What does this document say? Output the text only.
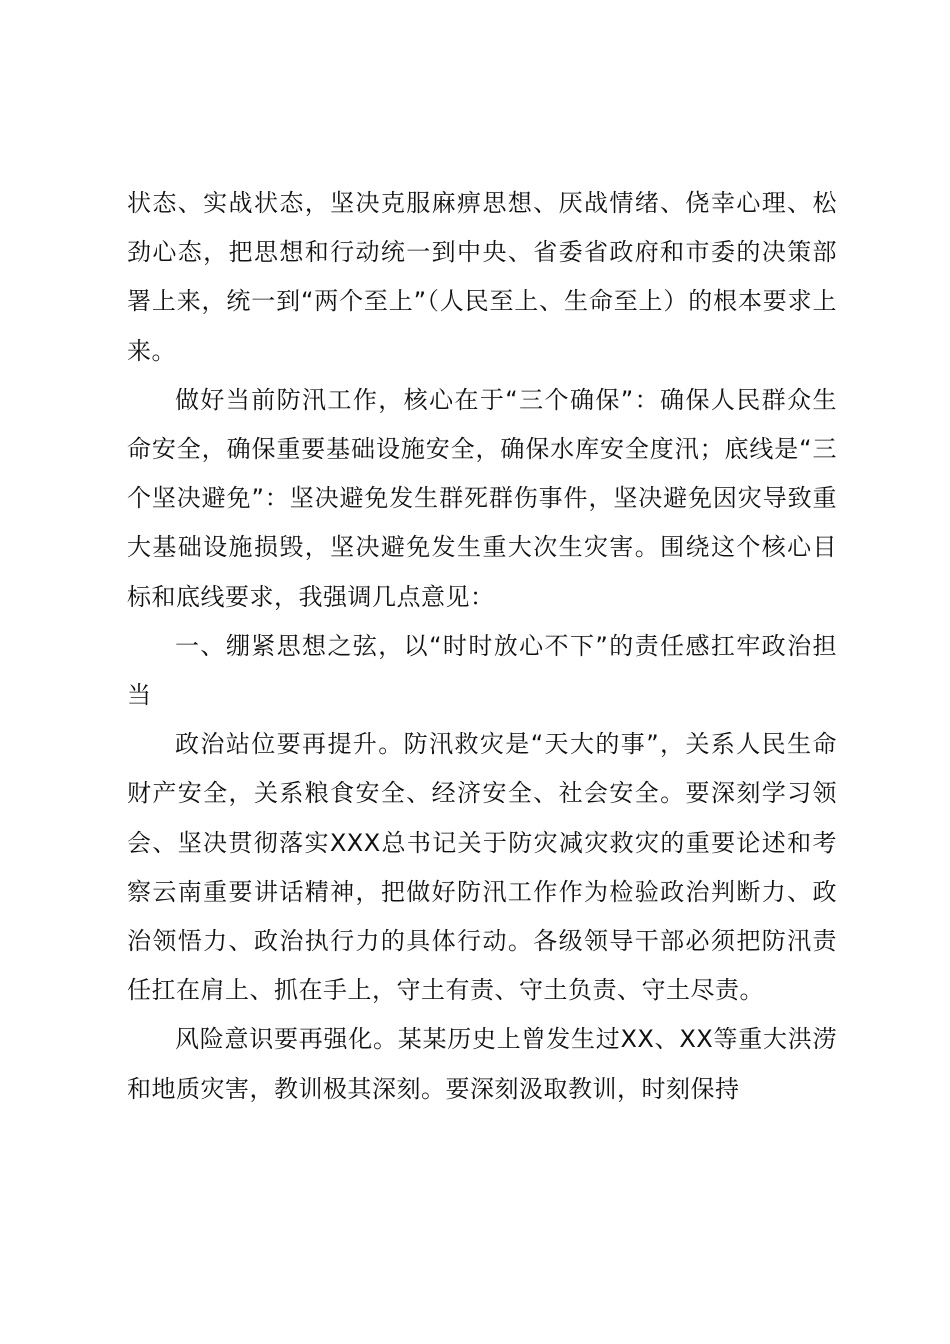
状态、实战状态，坚决克服麻痹思想、厌战情绪、侥幸心理、松劲心态，把思想和行动统一到中央、省委省政府和市委的决策部署上来，统一到“两个至上”（人民至上、生命至上）的根本要求上来。

做好当前防汛工作，核心在于“三个确保”：确保人民群众生命安全，确保重要基础设施安全，确保水库安全度汛；底线是“三个坚决避免”：坚决避免发生群死群伤事件，坚决避免因灾导致重大基础设施损毁，坚决避免发生重大次生灾害。围绕这个核心目标和底线要求，我强调几点意见：

一、绷紧思想之弦，以“时时放心不下”的责任感扛牢政治担当

政治站位要再提升。防汛救灾是“天大的事”，关系人民生命财产安全，关系粮食安全、经济安全、社会安全。要深刻学习领会、坚决贯彻落实XXX总书记关于防灾减灾救灾的重要论述和考察云南重要讲话精神，把做好防汛工作作为检验政治判断力、政治领悟力、政治执行力的具体行动。各级领导干部必须把防汛责任扛在肩上、抓在手上，守土有责、守土负责、守土尽责。

风险意识要再强化。某某历史上曾发生过XX、XX等重大洪涝和地质灾害，教训极其深刻。要深刻汲取教训，时刻保持
